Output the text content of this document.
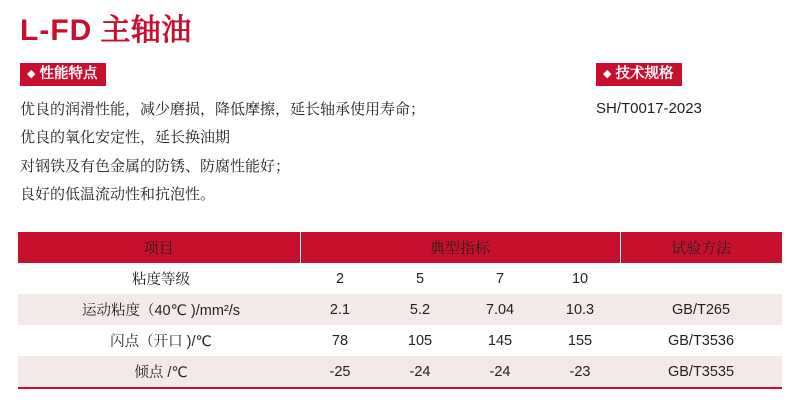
L-FD 主轴油
◆ 性能特点	◆ 技术规格

优良的润滑性能，减少磨损，降低摩擦，延长轴承使用寿命；

优良的氧化安定性，延长换油期

对钢铁及有色金属的防锈、防腐性能好；

良好的低温流动性和抗泡性。

SH/T0017-2023
项目	典型指标				试验方法
粘度等级	2	5	7	10	
运动粘度（40℃ )/mm²/s	2.1	5.2	7.04	10.3	GB/T265
闪点（开口 )/℃	78	105	145	155	GB/T3536
倾点 /℃	-25	-24	-24	-23	GB/T3535
